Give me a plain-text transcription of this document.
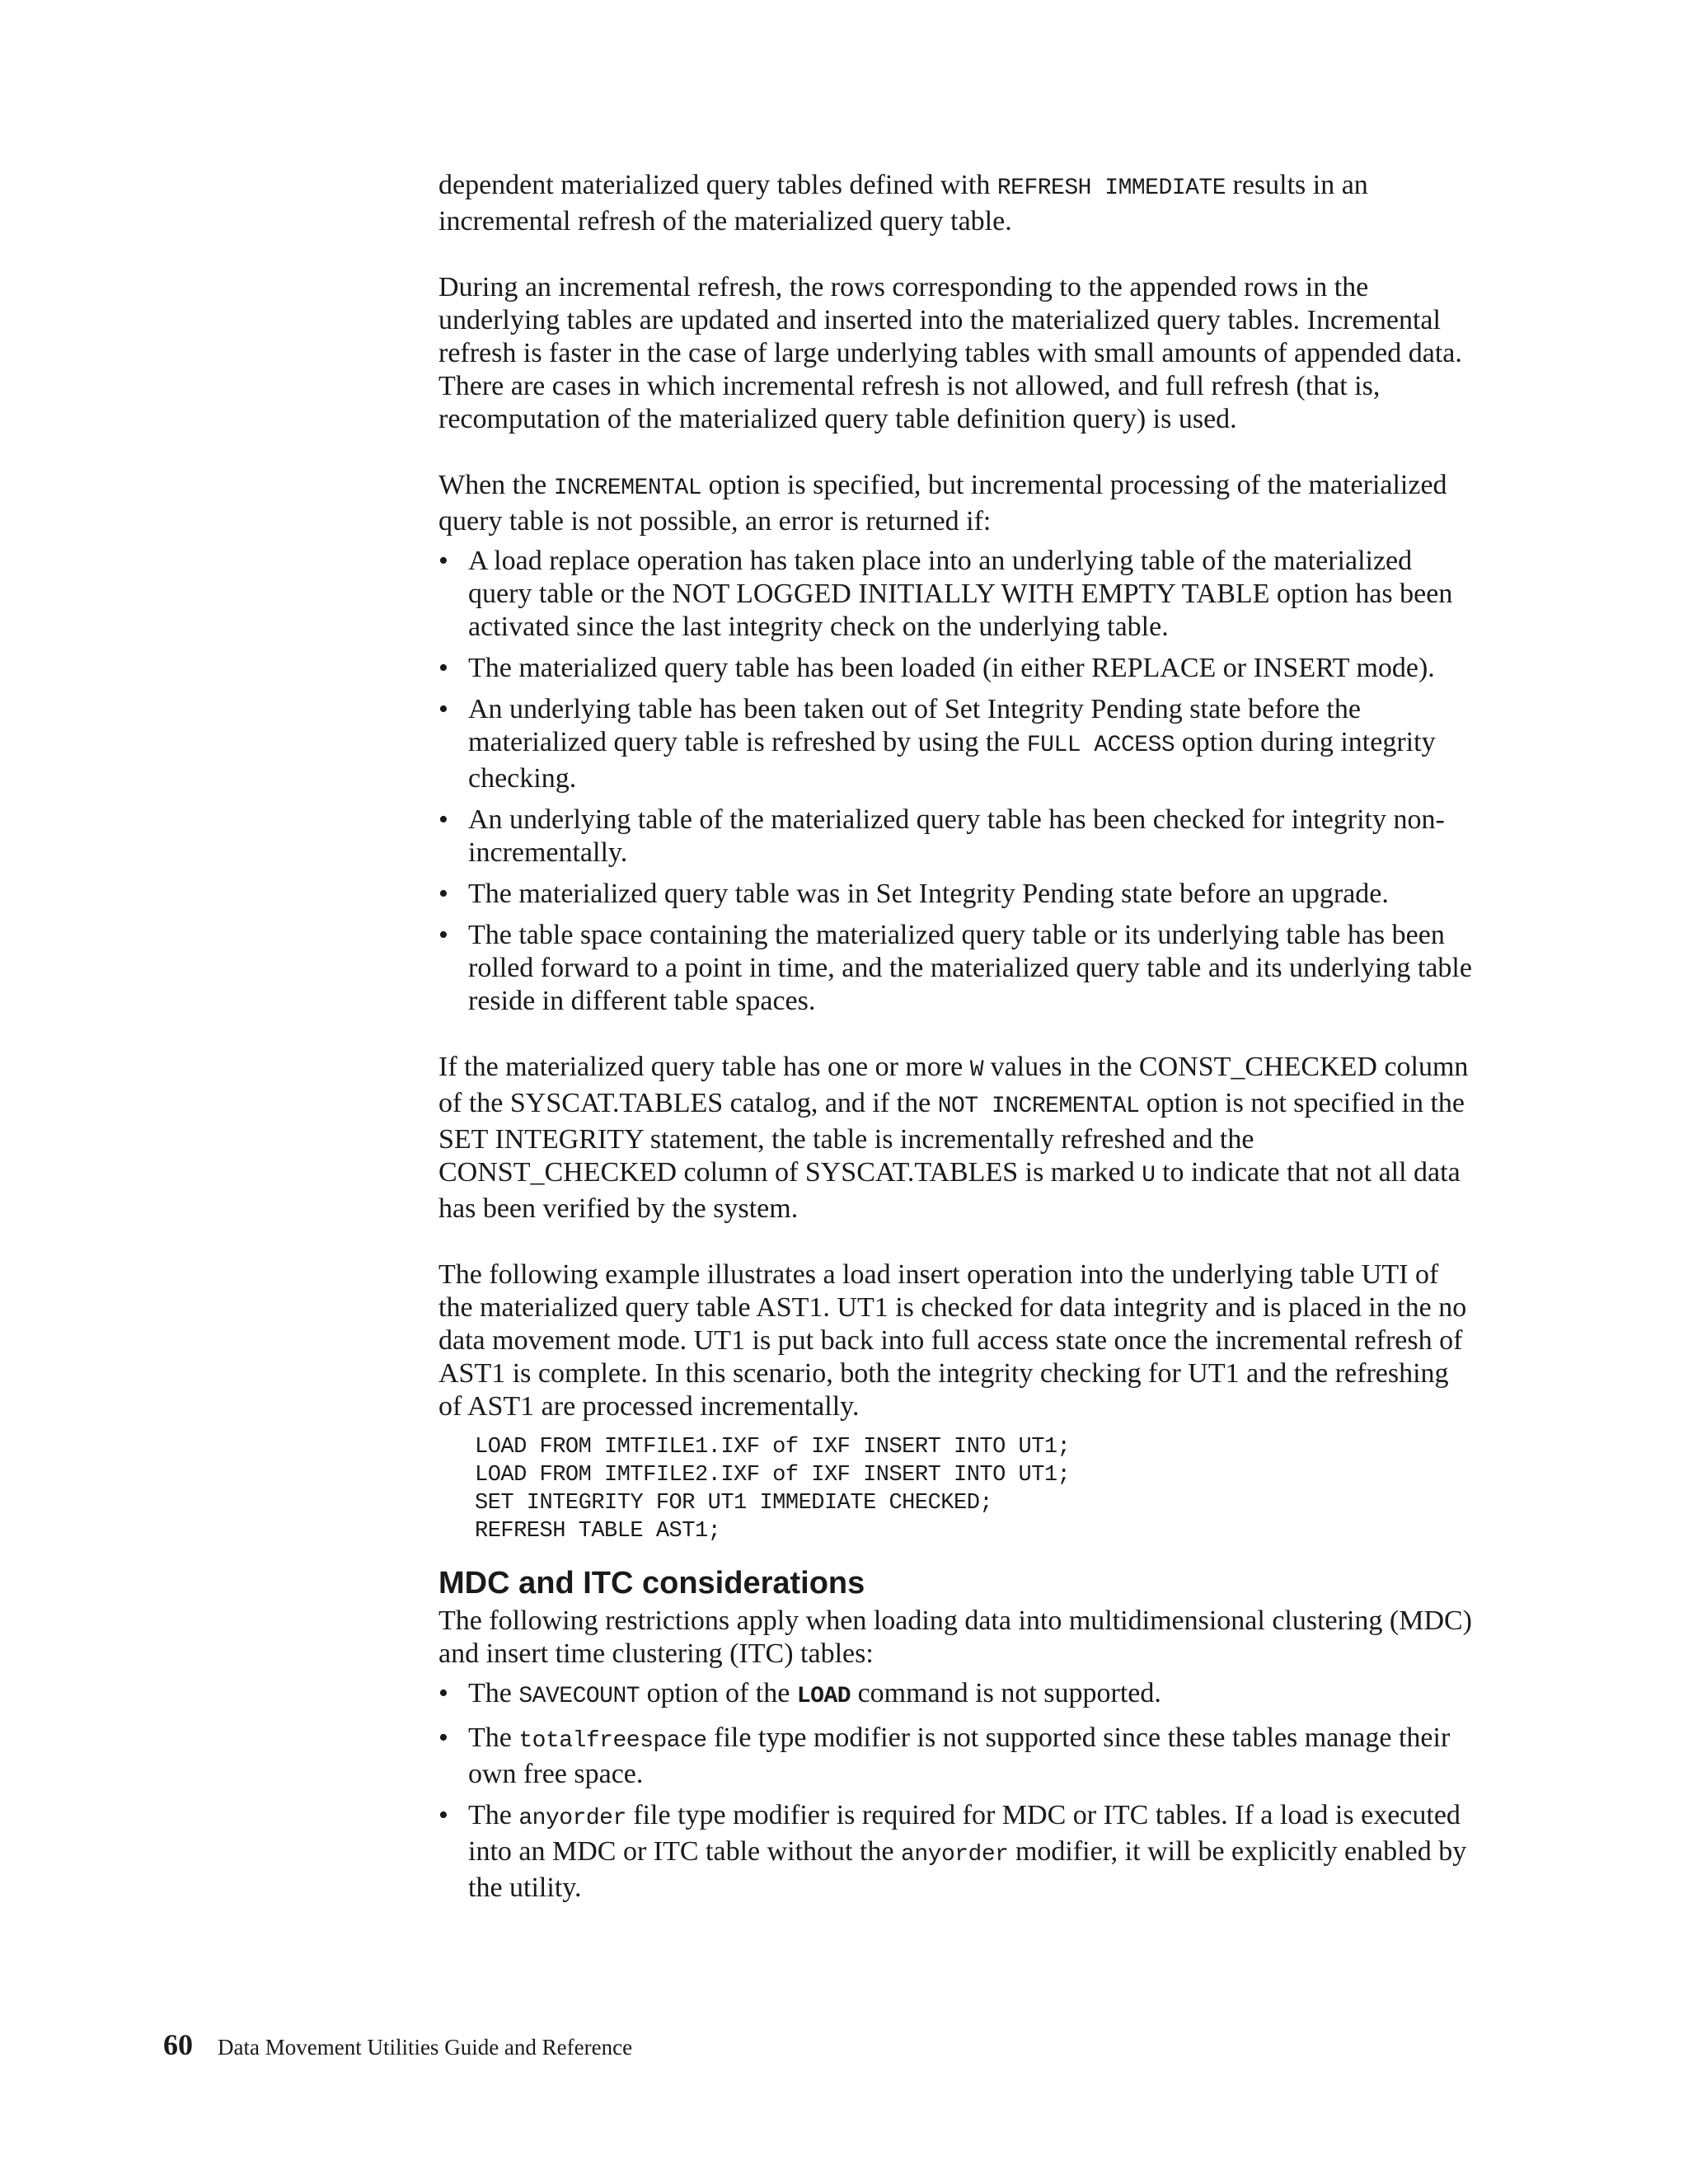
dependent materialized query tables defined with REFRESH IMMEDIATE results in an incremental refresh of the materialized query table.

During an incremental refresh, the rows corresponding to the appended rows in the underlying tables are updated and inserted into the materialized query tables. Incremental refresh is faster in the case of large underlying tables with small amounts of appended data. There are cases in which incremental refresh is not allowed, and full refresh (that is, recomputation of the materialized query table definition query) is used.

When the INCREMENTAL option is specified, but incremental processing of the materialized query table is not possible, an error is returned if:

• A load replace operation has taken place into an underlying table of the materialized query table or the NOT LOGGED INITIALLY WITH EMPTY TABLE option has been activated since the last integrity check on the underlying table.
• The materialized query table has been loaded (in either REPLACE or INSERT mode).
• An underlying table has been taken out of Set Integrity Pending state before the materialized query table is refreshed by using the FULL ACCESS option during integrity checking.
• An underlying table of the materialized query table has been checked for integrity non-incrementally.
• The materialized query table was in Set Integrity Pending state before an upgrade.
• The table space containing the materialized query table or its underlying table has been rolled forward to a point in time, and the materialized query table and its underlying table reside in different table spaces.

If the materialized query table has one or more W values in the CONST_CHECKED column of the SYSCAT.TABLES catalog, and if the NOT INCREMENTAL option is not specified in the SET INTEGRITY statement, the table is incrementally refreshed and the CONST_CHECKED column of SYSCAT.TABLES is marked U to indicate that not all data has been verified by the system.

The following example illustrates a load insert operation into the underlying table UTI of the materialized query table AST1. UT1 is checked for data integrity and is placed in the no data movement mode. UT1 is put back into full access state once the incremental refresh of AST1 is complete. In this scenario, both the integrity checking for UT1 and the refreshing of AST1 are processed incrementally.

LOAD FROM IMTFILE1.IXF of IXF INSERT INTO UT1;
LOAD FROM IMTFILE2.IXF of IXF INSERT INTO UT1;
SET INTEGRITY FOR UT1 IMMEDIATE CHECKED;
REFRESH TABLE AST1;
MDC and ITC considerations

The following restrictions apply when loading data into multidimensional clustering (MDC) and insert time clustering (ITC) tables:

• The SAVECOUNT option of the LOAD command is not supported.
• The totalfreespace file type modifier is not supported since these tables manage their own free space.
• The anyorder file type modifier is required for MDC or ITC tables. If a load is executed into an MDC or ITC table without the anyorder modifier, it will be explicitly enabled by the utility.
60 Data Movement Utilities Guide and Reference
